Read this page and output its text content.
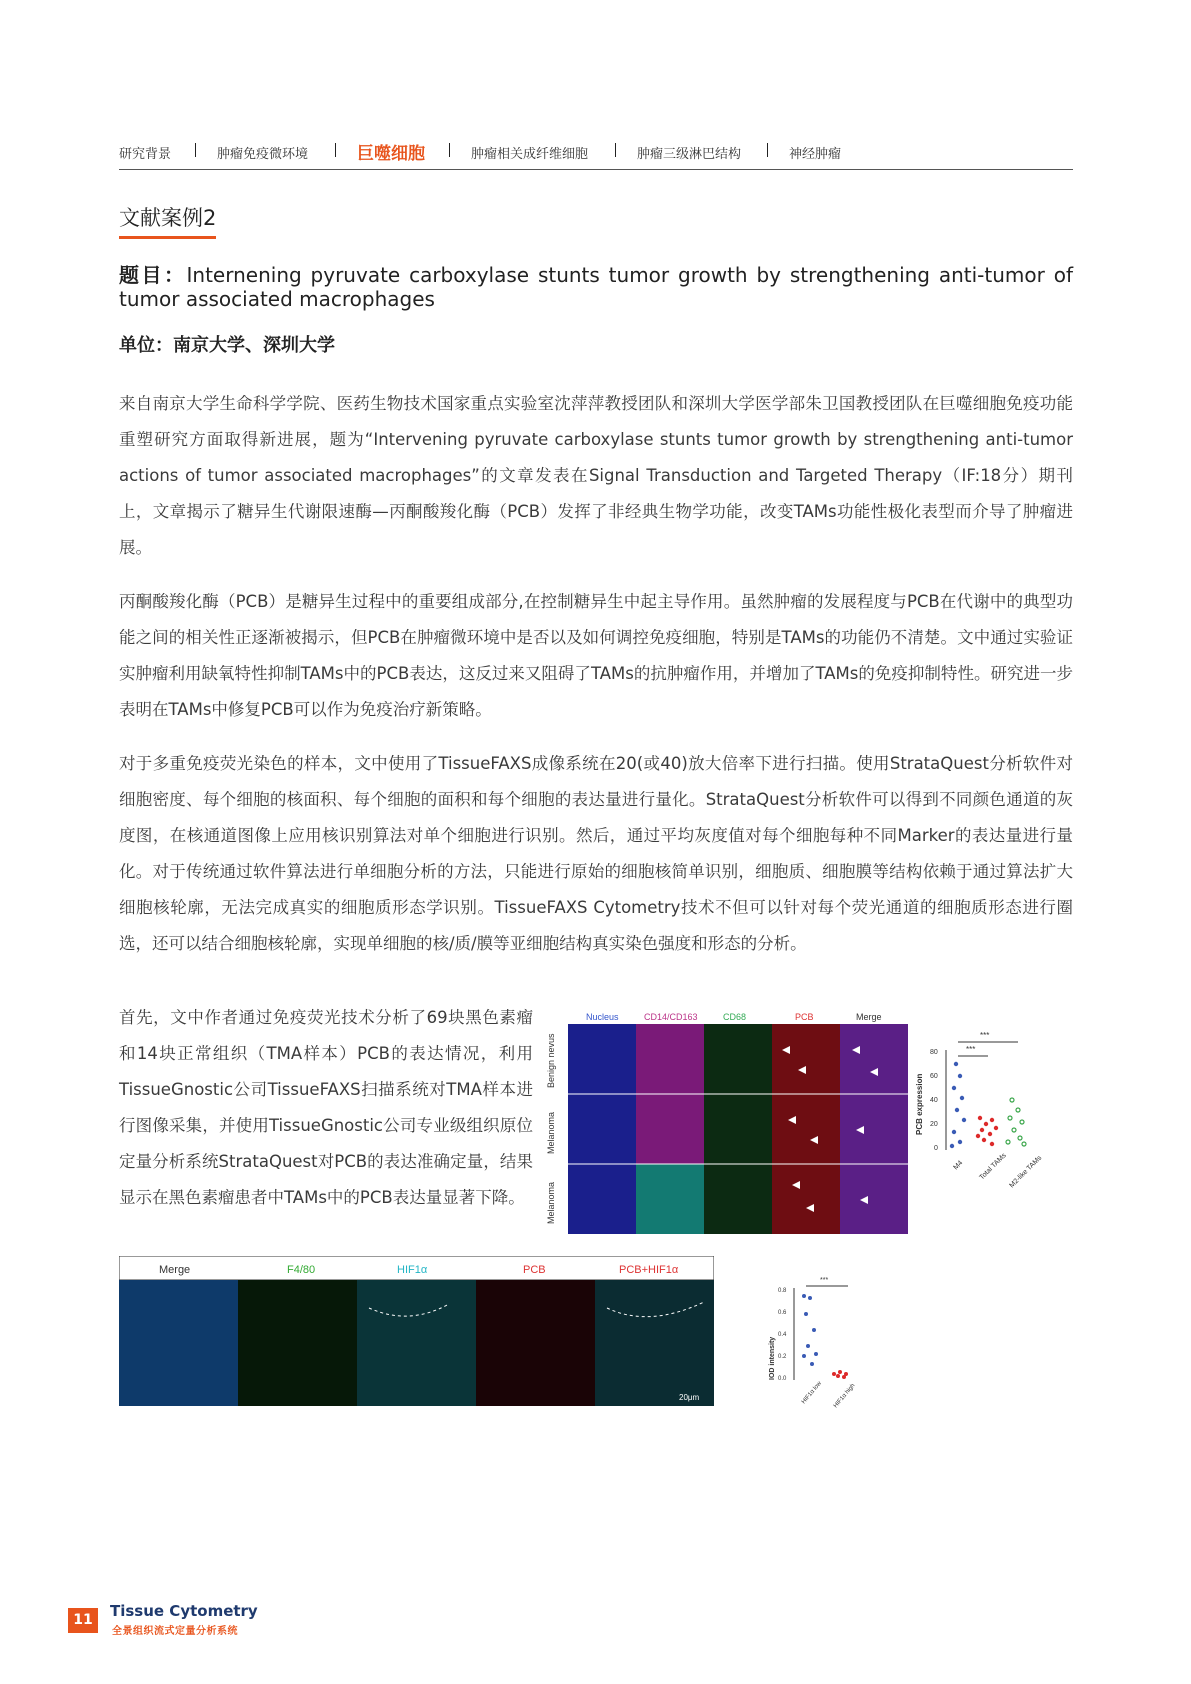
研究背景	肿瘤免疫微环境	巨噬细胞	肿瘤相关成纤维细胞	肿瘤三级淋巴结构	神经肿瘤
文献案例2
题目：Internening pyruvate carboxylase stunts tumor growth by strengthening anti-tumor of tumor associated macrophages
单位：南京大学、深圳大学

来自南京大学生命科学学院、医药生物技术国家重点实验室沈萍萍教授团队和深圳大学医学部朱卫国教授团队在巨噬细胞免疫功能重塑研究方面取得新进展，题为“Intervening pyruvate carboxylase stunts tumor growth by strengthening anti-tumor actions of tumor associated macrophages”的文章发表在Signal Transduction and Targeted Therapy（IF:18分）期刊上，文章揭示了糖异生代谢限速酶—丙酮酸羧化酶（PCB）发挥了非经典生物学功能，改变TAMs功能性极化表型而介导了肿瘤进展。

丙酮酸羧化酶（PCB）是糖异生过程中的重要组成部分,在控制糖异生中起主导作用。虽然肿瘤的发展程度与PCB在代谢中的典型功能之间的相关性正逐渐被揭示，但PCB在肿瘤微环境中是否以及如何调控免疫细胞，特别是TAMs的功能仍不清楚。文中通过实验证实肿瘤利用缺氧特性抑制TAMs中的PCB表达，这反过来又阻碍了TAMs的抗肿瘤作用，并增加了TAMs的免疫抑制特性。研究进一步表明在TAMs中修复PCB可以作为免疫治疗新策略。

对于多重免疫荧光染色的样本，文中使用了TissueFAXS成像系统在20(或40)放大倍率下进行扫描。使用StrataQuest分析软件对细胞密度、每个细胞的核面积、每个细胞的面积和每个细胞的表达量进行量化。StrataQuest分析软件可以得到不同颜色通道的灰度图，在核通道图像上应用核识别算法对单个细胞进行识别。然后，通过平均灰度值对每个细胞每种不同Marker的表达量进行量化。对于传统通过软件算法进行单细胞分析的方法，只能进行原始的细胞核简单识别，细胞质、细胞膜等结构依赖于通过算法扩大细胞核轮廓，无法完成真实的细胞质形态学识别。TissueFAXS Cytometry技术不但可以针对每个荧光通道的细胞质形态进行圈选，还可以结合细胞核轮廓，实现单细胞的核/质/膜等亚细胞结构真实染色强度和形态的分析。

首先，文中作者通过免疫荧光技术分析了69块黑色素瘤和14块正常组织（TMA样本）PCB的表达情况，利用TissueGnostic公司TissueFAXS扫描系统对TMA样本进行图像采集，并使用TissueGnostic公司专业级组织原位定量分析系统StrataQuest对PCB的表达准确定量，结果显示在黑色素瘤患者中TAMs中的PCB表达量显著下降。

Nucleus	CD14/CD163	CD68	PCB	Merge
Benign nevus
Melanoma
Melanoma
PCB expression
80
60
40
20
0
***
***
M4 Total TAMs M2-like TAMs
Merge	F4/80	HIF1α	PCB	PCB+HIF1α
20μm
IOD intensity
0.8
0.6
0.4
0.2
0.0
***
HIF1α low HIF1α high
11	Tissue Cytometry
全景组织流式定量分析系统
